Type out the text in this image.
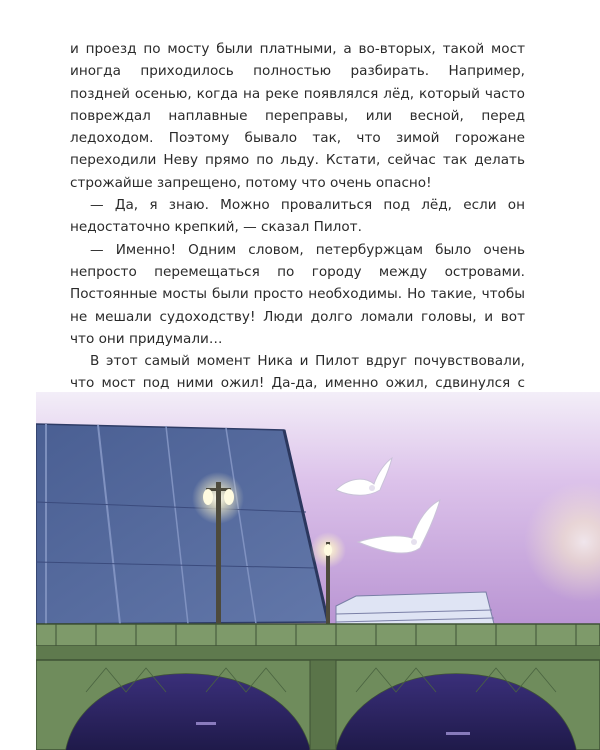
и проезд по мосту были платными, а во-вторых, такой мост иногда приходилось полностью разбирать. Например, поздней осенью, когда на реке появлялся лёд, который часто повреждал наплавные переправы, или весной, перед ледоходом. Поэтому бывало так, что зимой горожане переходили Неву прямо по льду. Кстати, сейчас так делать строжайше запрещено, потому что очень опасно!

— Да, я знаю. Можно провалиться под лёд, если он недостаточно крепкий, — сказал Пилот.

— Именно! Одним словом, петербуржцам было очень непросто перемещаться по городу между островами. Постоянные мосты были просто необходимы. Но такие, чтобы не мешали судоходству! Люди долго ломали головы, и вот что они придумали…

В этот самый момент Ника и Пилот вдруг почувствовали, что мост под ними ожил! Да-да, именно ожил, сдвинулся с
